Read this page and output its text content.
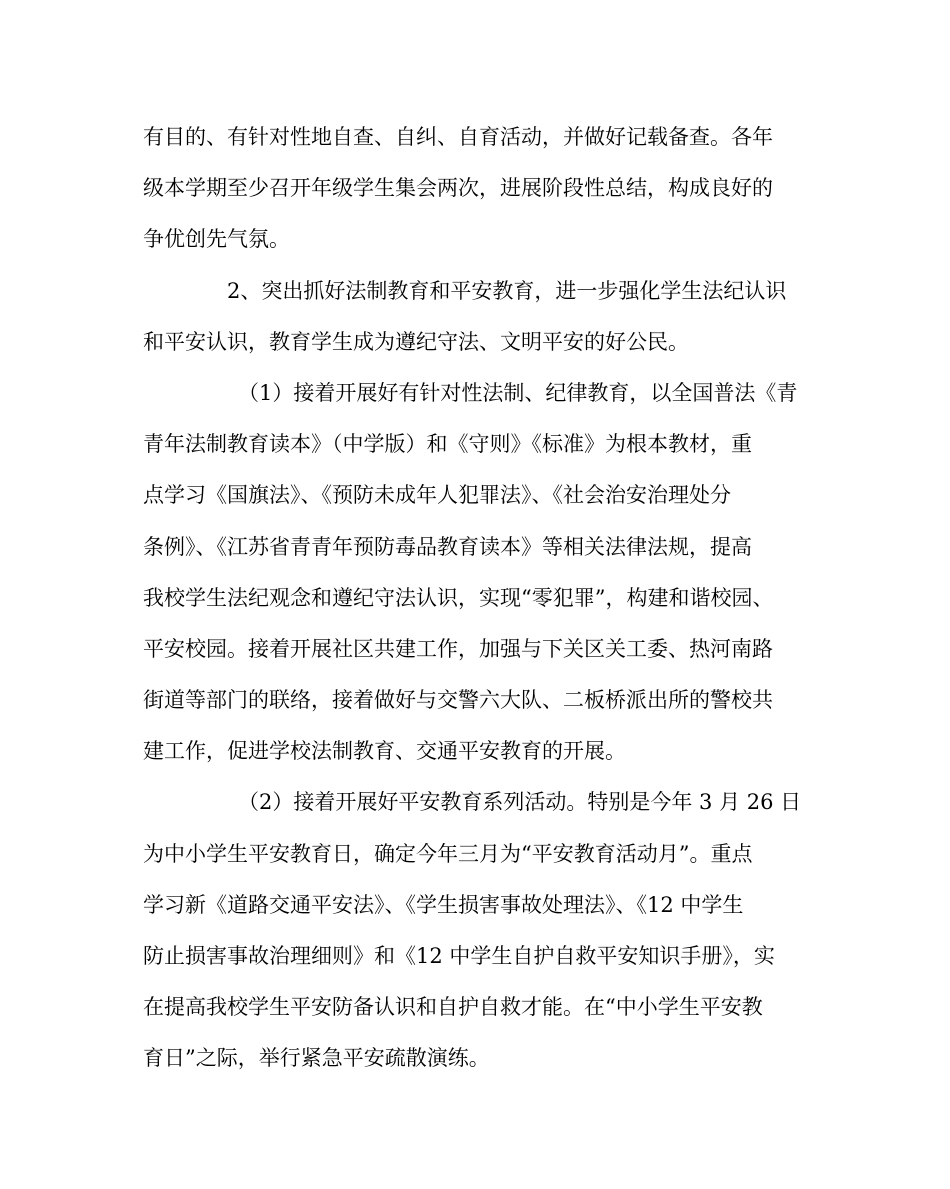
有目的、有针对性地自查、自纠、自育活动，并做好记载备查。各年
级本学期至少召开年级学生集会两次，进展阶段性总结，构成良好的
争优创先气氛。
2、突出抓好法制教育和平安教育，进一步强化学生法纪认识
和平安认识，教育学生成为遵纪守法、文明平安的好公民。
（1）接着开展好有针对性法制、纪律教育，以全国普法《青
青年法制教育读本》（中学版）和《守则》《标准》为根本教材，重
点学习《国旗法》、《预防未成年人犯罪法》、《社会治安治理处分
条例》、《江苏省青青年预防毒品教育读本》等相关法律法规，提高
我校学生法纪观念和遵纪守法认识，实现“零犯罪”，构建和谐校园、
平安校园。接着开展社区共建工作，加强与下关区关工委、热河南路
街道等部门的联络，接着做好与交警六大队、二板桥派出所的警校共
建工作，促进学校法制教育、交通平安教育的开展。
（2）接着开展好平安教育系列活动。特别是今年 3 月 26 日
为中小学生平安教育日，确定今年三月为“平安教育活动月”。重点
学习新《道路交通平安法》、《学生损害事故处理法》、《12 中学生
防止损害事故治理细则》和《12 中学生自护自救平安知识手册》，实
在提高我校学生平安防备认识和自护自救才能。在“中小学生平安教
育日”之际，举行紧急平安疏散演练。
